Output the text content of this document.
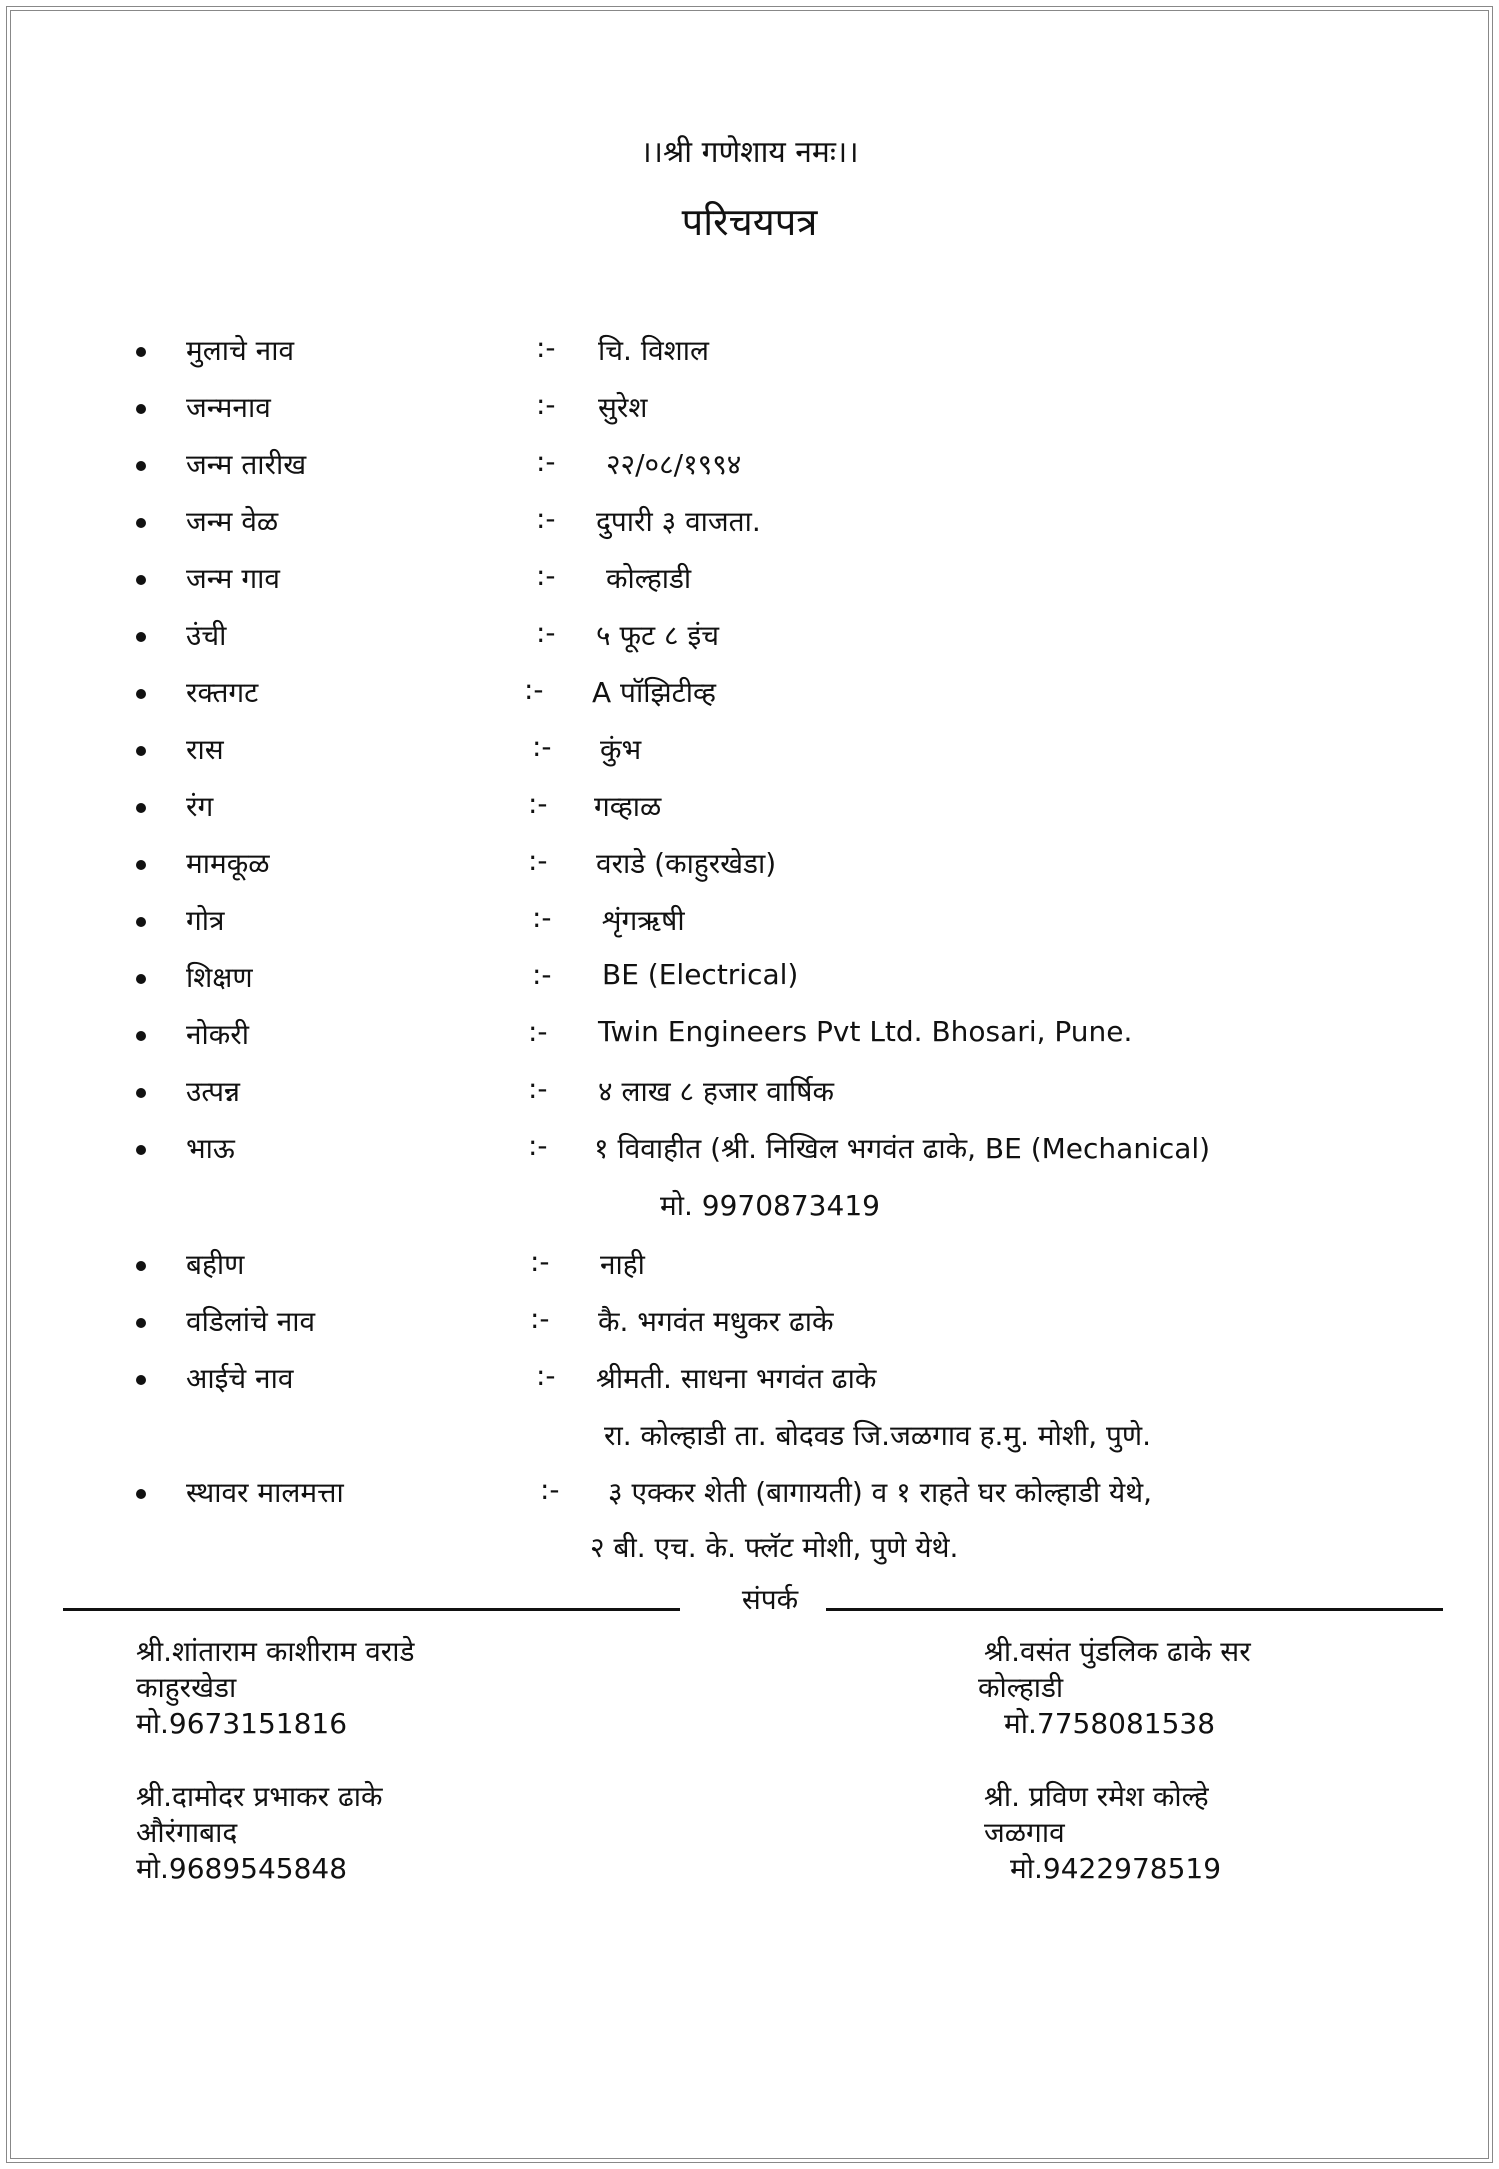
।।श्री गणेशाय नमः।।
परिचयपत्र
मुलाचे नाव	:- चि. विशाल
जन्मनाव	:- सुरेश
जन्म तारीख	:- २२/०८/१९९४
जन्म वेळ	:- दुपारी ३ वाजता.
जन्म गाव	:- कोल्हाडी
उंची	:- ५ फूट ८ इंच
रक्तगट	:- A पॉझिटीव्ह
रास	:- कुंभ
रंग	:- गव्हाळ
मामकूळ	:- वराडे (काहुरखेडा)
गोत्र	:- शृंगऋषी
शिक्षण	:- BE (Electrical)
नोकरी	:- Twin Engineers Pvt Ltd. Bhosari, Pune.
उत्पन्न	:- ४ लाख ८ हजार वार्षिक
भाऊ	:- १ विवाहीत (श्री. निखिल भगवंत ढाके, BE (Mechanical)
मो. 9970873419
बहीण	:- नाही
वडिलांचे नाव	:- कै. भगवंत मधुकर ढाके
आईचे नाव	:- श्रीमती. साधना भगवंत ढाके
रा. कोल्हाडी ता. बोदवड जि.जळगाव ह.मु. मोशी, पुणे.
स्थावर मालमत्ता	:- ३ एक्कर शेती (बागायती) व १ राहते घर कोल्हाडी येथे,
२ बी. एच. के. फ्लॅट मोशी, पुणे येथे.
संपर्क
श्री.शांताराम काशीराम वराडे
काहुरखेडा
मो.9673151816
श्री.वसंत पुंडलिक ढाके सर
कोल्हाडी
मो.7758081538
श्री.दामोदर प्रभाकर ढाके
औरंगाबाद
मो.9689545848
श्री. प्रविण रमेश कोल्हे
जळगाव
मो.9422978519
